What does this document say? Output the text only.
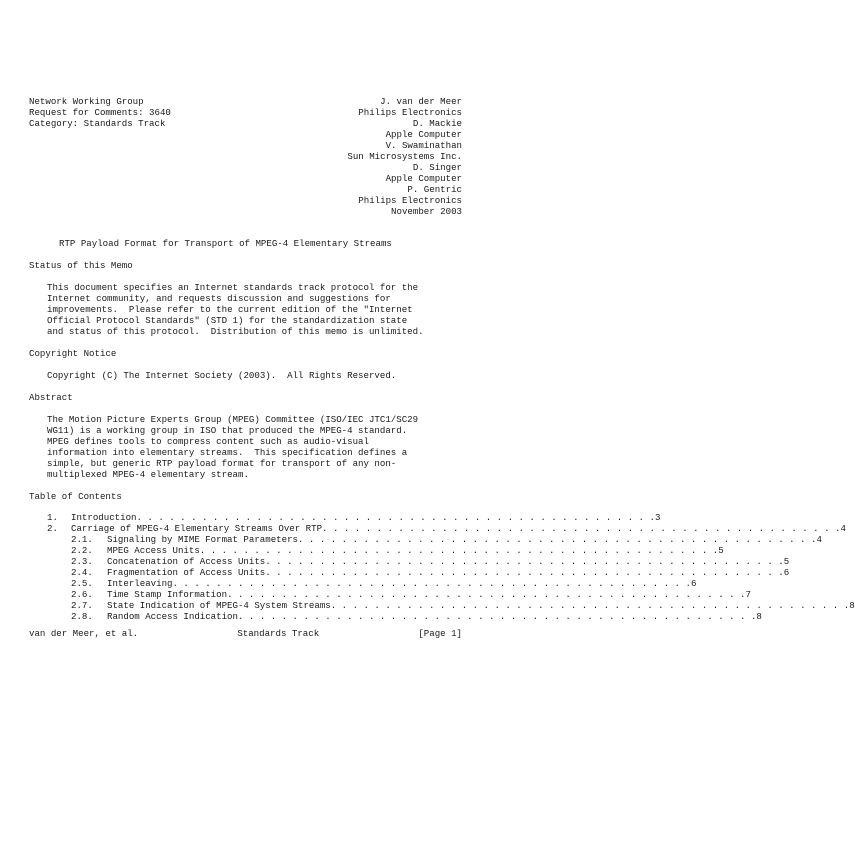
Network Working Group	J. van der Meer
Request for Comments: 3640	Philips Electronics
Category: Standards Track	D. Mackie
Apple Computer
V. Swaminathan
Sun Microsystems Inc.
D. Singer
Apple Computer
P. Gentric
Philips Electronics
November 2003
RTP Payload Format for Transport of MPEG-4 Elementary Streams
Status of this Memo
This document specifies an Internet standards track protocol for the
Internet community, and requests discussion and suggestions for
improvements.  Please refer to the current edition of the "Internet
Official Protocol Standards" (STD 1) for the standardization state
and status of this protocol.  Distribution of this memo is unlimited.
Copyright Notice
Copyright (C) The Internet Society (2003).  All Rights Reserved.
Abstract
The Motion Picture Experts Group (MPEG) Committee (ISO/IEC JTC1/SC29
WG11) is a working group in ISO that produced the MPEG-4 standard.
MPEG defines tools to compress content such as audio-visual
information into elementary streams.  This specification defines a
simple, but generic RTP payload format for transport of any non-
multiplexed MPEG-4 elementary stream.
Table of Contents
1.	Introduction . . . . . . . . . . . . . . . . . . . . . . . . . . . . . . . . . . . . . . . . . . . . . . . . 3
2.	Carriage of MPEG-4 Elementary Streams Over RTP . . . . . . . . . . . . . . . . . . . . . . . . . . . . . . . . . . . . . . . . . . . . . . . . 4
2.1.	Signaling by MIME Format Parameters . . . . . . . . . . . . . . . . . . . . . . . . . . . . . . . . . . . . . . . . . . . . . . . . 4
2.2.	MPEG Access Units . . . . . . . . . . . . . . . . . . . . . . . . . . . . . . . . . . . . . . . . . . . . . . . . 5
2.3.	Concatenation of Access Units . . . . . . . . . . . . . . . . . . . . . . . . . . . . . . . . . . . . . . . . . . . . . . . . 5
2.4.	Fragmentation of Access Units . . . . . . . . . . . . . . . . . . . . . . . . . . . . . . . . . . . . . . . . . . . . . . . . 6
2.5.	Interleaving . . . . . . . . . . . . . . . . . . . . . . . . . . . . . . . . . . . . . . . . . . . . . . . . 6
2.6.	Time Stamp Information . . . . . . . . . . . . . . . . . . . . . . . . . . . . . . . . . . . . . . . . . . . . . . . . 7
2.7.	State Indication of MPEG-4 System Streams . . . . . . . . . . . . . . . . . . . . . . . . . . . . . . . . . . . . . . . . . . . . . . . . 8
2.8.	Random Access Indication . . . . . . . . . . . . . . . . . . . . . . . . . . . . . . . . . . . . . . . . . . . . . . . . 8
van der Meer, et al.	Standards Track	[Page 1]
